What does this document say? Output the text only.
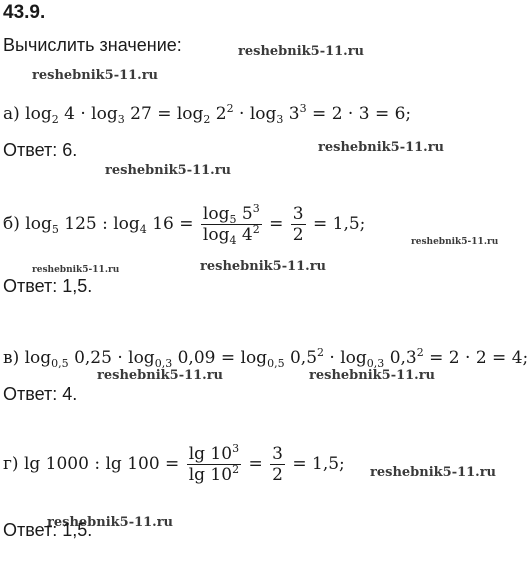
43.9.
Вычислить значение:	reshebnik5-11.ru
reshebnik5-11.ru
reshebnik5-11.ru
reshebnik5-11.ru
reshebnik5-11.ru
reshebnik5-11.ru	reshebnik5-11.ru
reshebnik5-11.ru	reshebnik5-11.ru
reshebnik5-11.ru
reshebnik5-11.ru
а) $\log_2 4 \cdot \log_3 27 = \log_2 2^2 \cdot \log_3 3^3 = 2 \cdot 3 = 6$;
Ответ: 6.
б) $\log_5 125$ : $\log_4 16 = \frac{\log_5 5^3}{\log_4 4^2} = \frac{3}{2} = 1,5$;
Ответ: 1,5.
в) $\log_{0,5} 0,25 \cdot \log_{0,3} 0,09 = \log_{0,5} 0,5^2 \cdot \log_{0,3} 0,3^2 = 2 \cdot 2 = 4$;
Ответ: 4.
г) lg 1000 : $\lg 100 = \frac{\lg 10^3}{\lg 10^2} = \frac{3}{2} = 1,5$;
Ответ: 1,5.
